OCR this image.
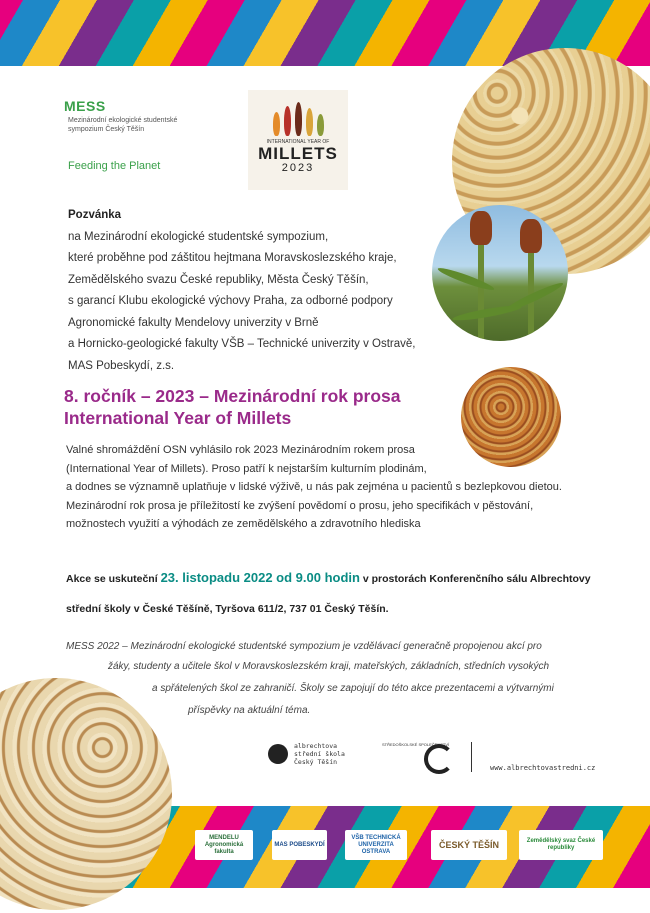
MESS
Mezinárodní ekologické studentské sympozium Český Těšín
Feeding the Planet
INTERNATIONAL YEAR OF
MILLETS
2023
Pozvánka
na Mezinárodní ekologické studentské sympozium,
které proběhne pod záštitou hejtmana Moravskoslezského kraje,
Zemědělského svazu České republiky, Města Český Těšín,
s garancí Klubu ekologické výchovy Praha, za odborné podpory
Agronomické fakulty Mendelovy univerzity v Brně
a Hornicko-geologické fakulty VŠB – Technické univerzity v Ostravě,
MAS Pobeskydí, z.s.
8. ročník – 2023 – Mezinárodní rok prosa
International Year of Millets
Valné shromáždění OSN vyhlásilo rok 2023 Mezinárodním rokem prosa
(International Year of Millets). Proso patří k nejstarším kulturním plodinám,
a dodnes se významně uplatňuje v lidské výživě, u nás pak zejména u pacientů s bezlepkovou dietou.
Mezinárodní rok prosa je příležitostí ke zvýšení povědomí o prosu, jeho specifikách v pěstování,
možnostech využití a výhodách ze zemědělského a zdravotního hlediska
Akce se uskuteční 23. listopadu 2022 od 9.00 hodin v prostorách Konferenčního sálu Albrechtovy
střední školy v České Těšíně, Tyršova 611/2, 737 01 Český Těšín.
MESS 2022 – Mezinárodní ekologické studentské sympozium je vzdělávací generačně propojenou akcí pro
žáky, studenty a učitele škol v Moravskoslezském kraji, mateřských, základních, středních vysokých
a spřátelených škol ze zahraničí. Školy se zapojují do této akce prezentacemi a výtvarnými
příspěvky na aktuální téma.
albrechtova
střední škola
Český Těšín
STŘEDOŠKOLSKÉ SPOLEČENSTVÍ
www.albrechtovastredni.cz
MENDELU Agronomická fakulta
MAS POBESKYDÍ
VŠB TECHNICKÁ UNIVERZITA OSTRAVA
ČESKÝ TĚŠÍN	Zemědělský svaz České republiky
